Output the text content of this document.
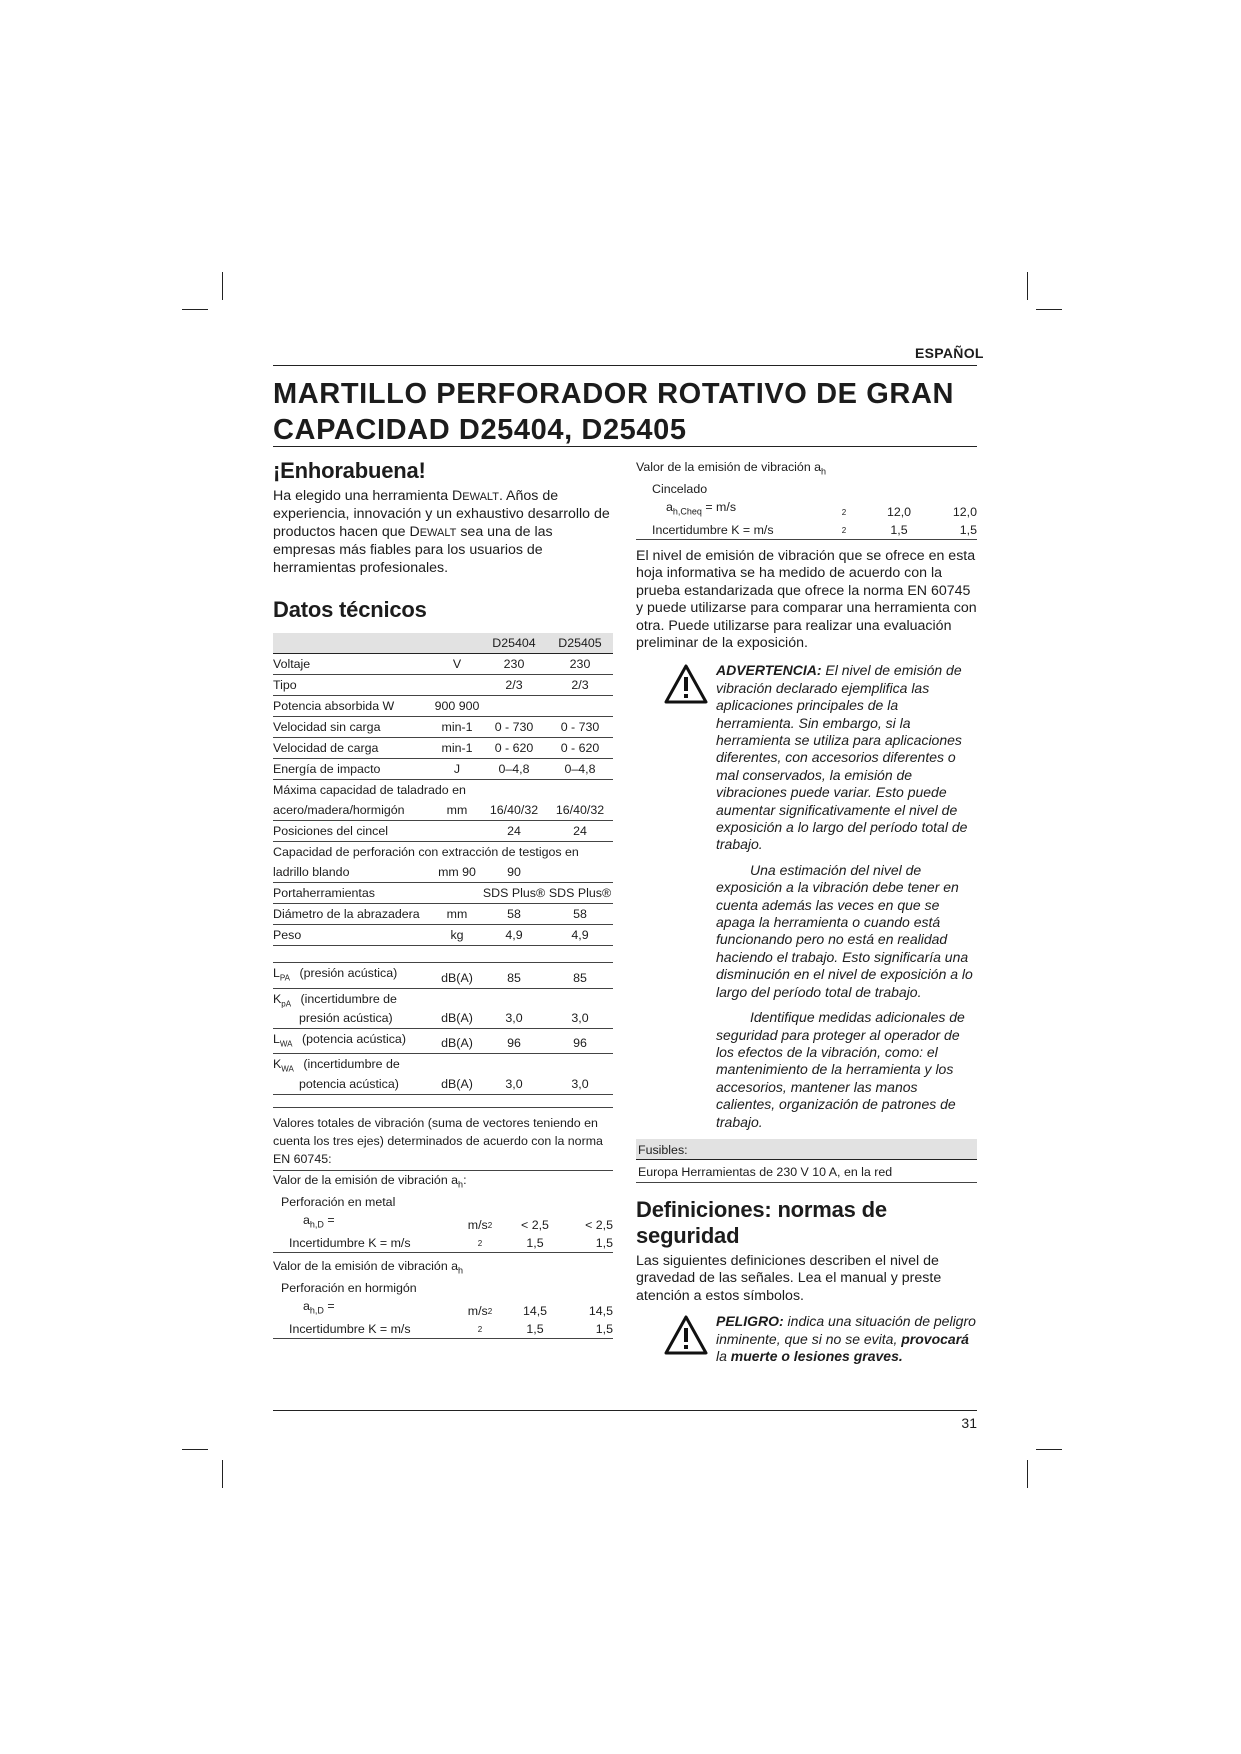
ESPAÑOL
MARTILLO PERFORADOR ROTATIVO DE GRAN CAPACIDAD D25404, D25405
¡Enhorabuena!

Ha elegido una herramienta DEWALT. Años de experiencia, innovación y un exhaustivo desarrollo de productos hacen que DEWALT sea una de las empresas más fiables para los usuarios de herramientas profesionales.

Datos técnicos
		D25404	D25405
Voltaje	V	230	230
Tipo		2/3	2/3
Potencia absorbida W	900 900		
Velocidad sin carga	min-1	0 - 730	0 - 730
Velocidad de carga	min-1	0 - 620	0 - 620
Energía de impacto	J	0–4,8	0–4,8
Máxima capacidad de taladrado en			
acero/madera/hormigón	mm	16/40/32	16/40/32
Posiciones del cincel		24	24
Capacidad de perforación con extracción de testigos en			
ladrillo blando	mm 90	90	
Portaherramientas		SDS Plus®	SDS Plus®
Diámetro de la abrazadera	mm	58	58
Peso	kg	4,9	4,9

$L_{PA}$ (presión acústica)	dB(A)	85	85
$K_{pA}$ (incertidumbre de
presión acústica)	dB(A)	3,0	3,0
$L_{WA}$ (potencia acústica)	dB(A)	96	96
$K_{WA}$ (incertidumbre de
potencia acústica)	dB(A)	3,0	3,0
Valores totales de vibración (suma de vectores teniendo en cuenta los tres ejes) determinados de acuerdo con la norma EN 60745:
Valor de la emisión de vibración $a_h$:			
Perforación en metal			
$a_{h,D}$ =	$m/s^2$	< 2,5	< 2,5
Incertidumbre K = m/s	$^2$	1,5	1,5
Valor de la emisión de vibración $a_h$
Perforación en hormigón			
$a_{h,D}$ =	$m/s^2$	14,5	14,5
Incertidumbre K = m/s	$^2$	1,5	1,5
Valor de la emisión de vibración $a_h$
Cincelado			
$a_{h,Cheq} = m/s$	$^2$	12,0	12,0
Incertidumbre K = m/s	$^2$	1,5	1,5

El nivel de emisión de vibración que se ofrece en esta hoja informativa se ha medido de acuerdo con la prueba estandarizada que ofrece la norma EN 60745 y puede utilizarse para comparar una herramienta con otra. Puede utilizarse para realizar una evaluación preliminar de la exposición.

ADVERTENCIA: El nivel de emisión de vibración declarado ejemplifica las aplicaciones principales de la herramienta. Sin embargo, si la herramienta se utiliza para aplicaciones diferentes, con accesorios diferentes o mal conservados, la emisión de vibraciones puede variar. Esto puede aumentar significativamente el nivel de exposición a lo largo del período total de trabajo.
Una estimación del nivel de exposición a la vibración debe tener en cuenta además las veces en que se apaga la herramienta o cuando está funcionando pero no está en realidad haciendo el trabajo. Esto significaría una disminución en el nivel de exposición a lo largo del período total de trabajo.
Identifique medidas adicionales de seguridad para proteger al operador de los efectos de la vibración, como: el mantenimiento de la herramienta y los accesorios, mantener las manos calientes, organización de patrones de trabajo.
Fusibles:
Europa Herramientas de 230 V 10 A, en la red
Definiciones: normas de seguridad

Las siguientes definiciones describen el nivel de gravedad de las señales. Lea el manual y preste atención a estos símbolos.

PELIGRO: indica una situación de peligro inminente, que si no se evita, provocará la muerte o lesiones graves.
31
